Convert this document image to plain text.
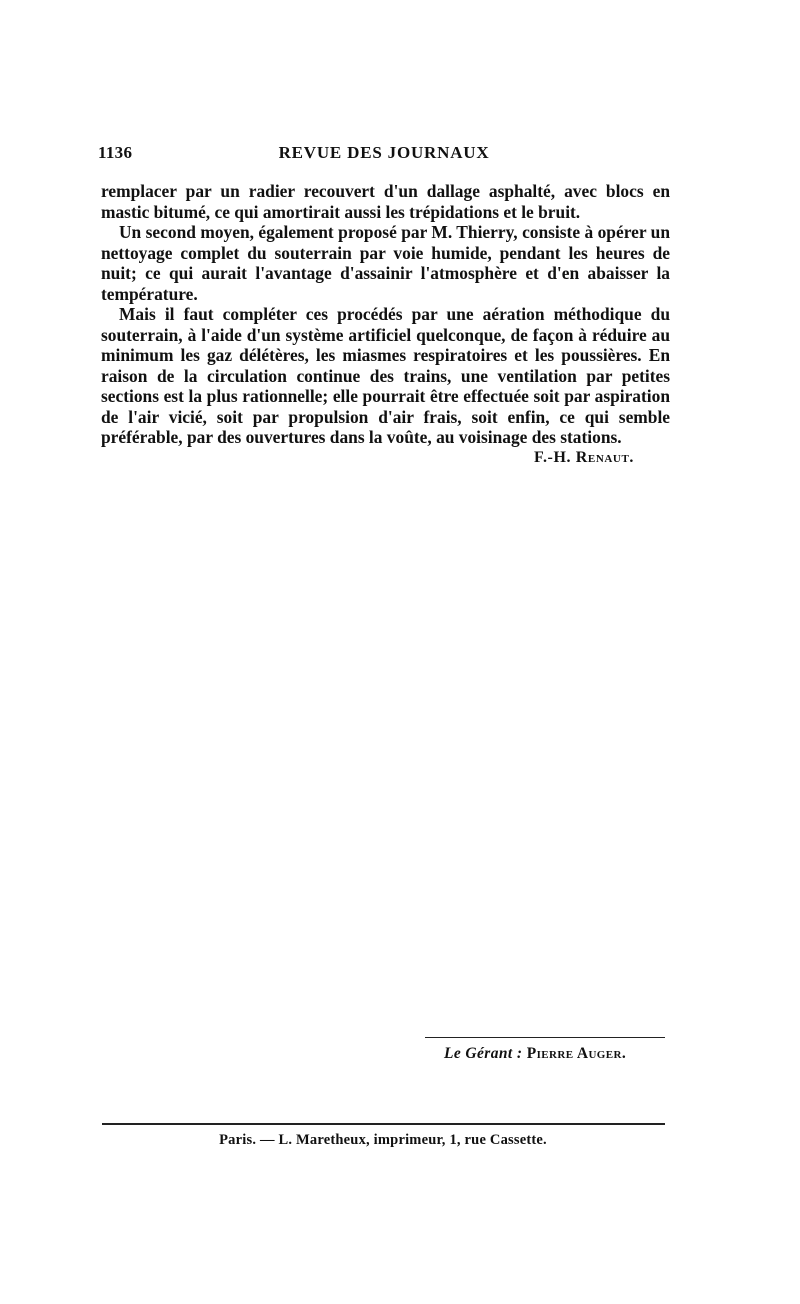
1136	REVUE DES JOURNAUX

remplacer par un radier recouvert d'un dallage asphalté, avec blocs en mastic bitumé, ce qui amortirait aussi les trépidations et le bruit.

Un second moyen, également proposé par M. Thierry, consiste à opérer un nettoyage complet du souterrain par voie humide, pendant les heures de nuit; ce qui aurait l'avantage d'assainir l'atmosphère et d'en abaisser la température.

Mais il faut compléter ces procédés par une aération méthodique du souterrain, à l'aide d'un système artificiel quelconque, de façon à réduire au minimum les gaz délétères, les miasmes respiratoires et les poussières. En raison de la circulation continue des trains, une ventilation par petites sections est la plus rationnelle; elle pourrait être effectuée soit par aspiration de l'air vicié, soit par propulsion d'air frais, soit enfin, ce qui semble préférable, par des ouvertures dans la voûte, au voisinage des stations.

F.-H. Renaut.

Le Gérant : Pierre Auger.
Paris. — L. Maretheux, imprimeur, 1, rue Cassette.
